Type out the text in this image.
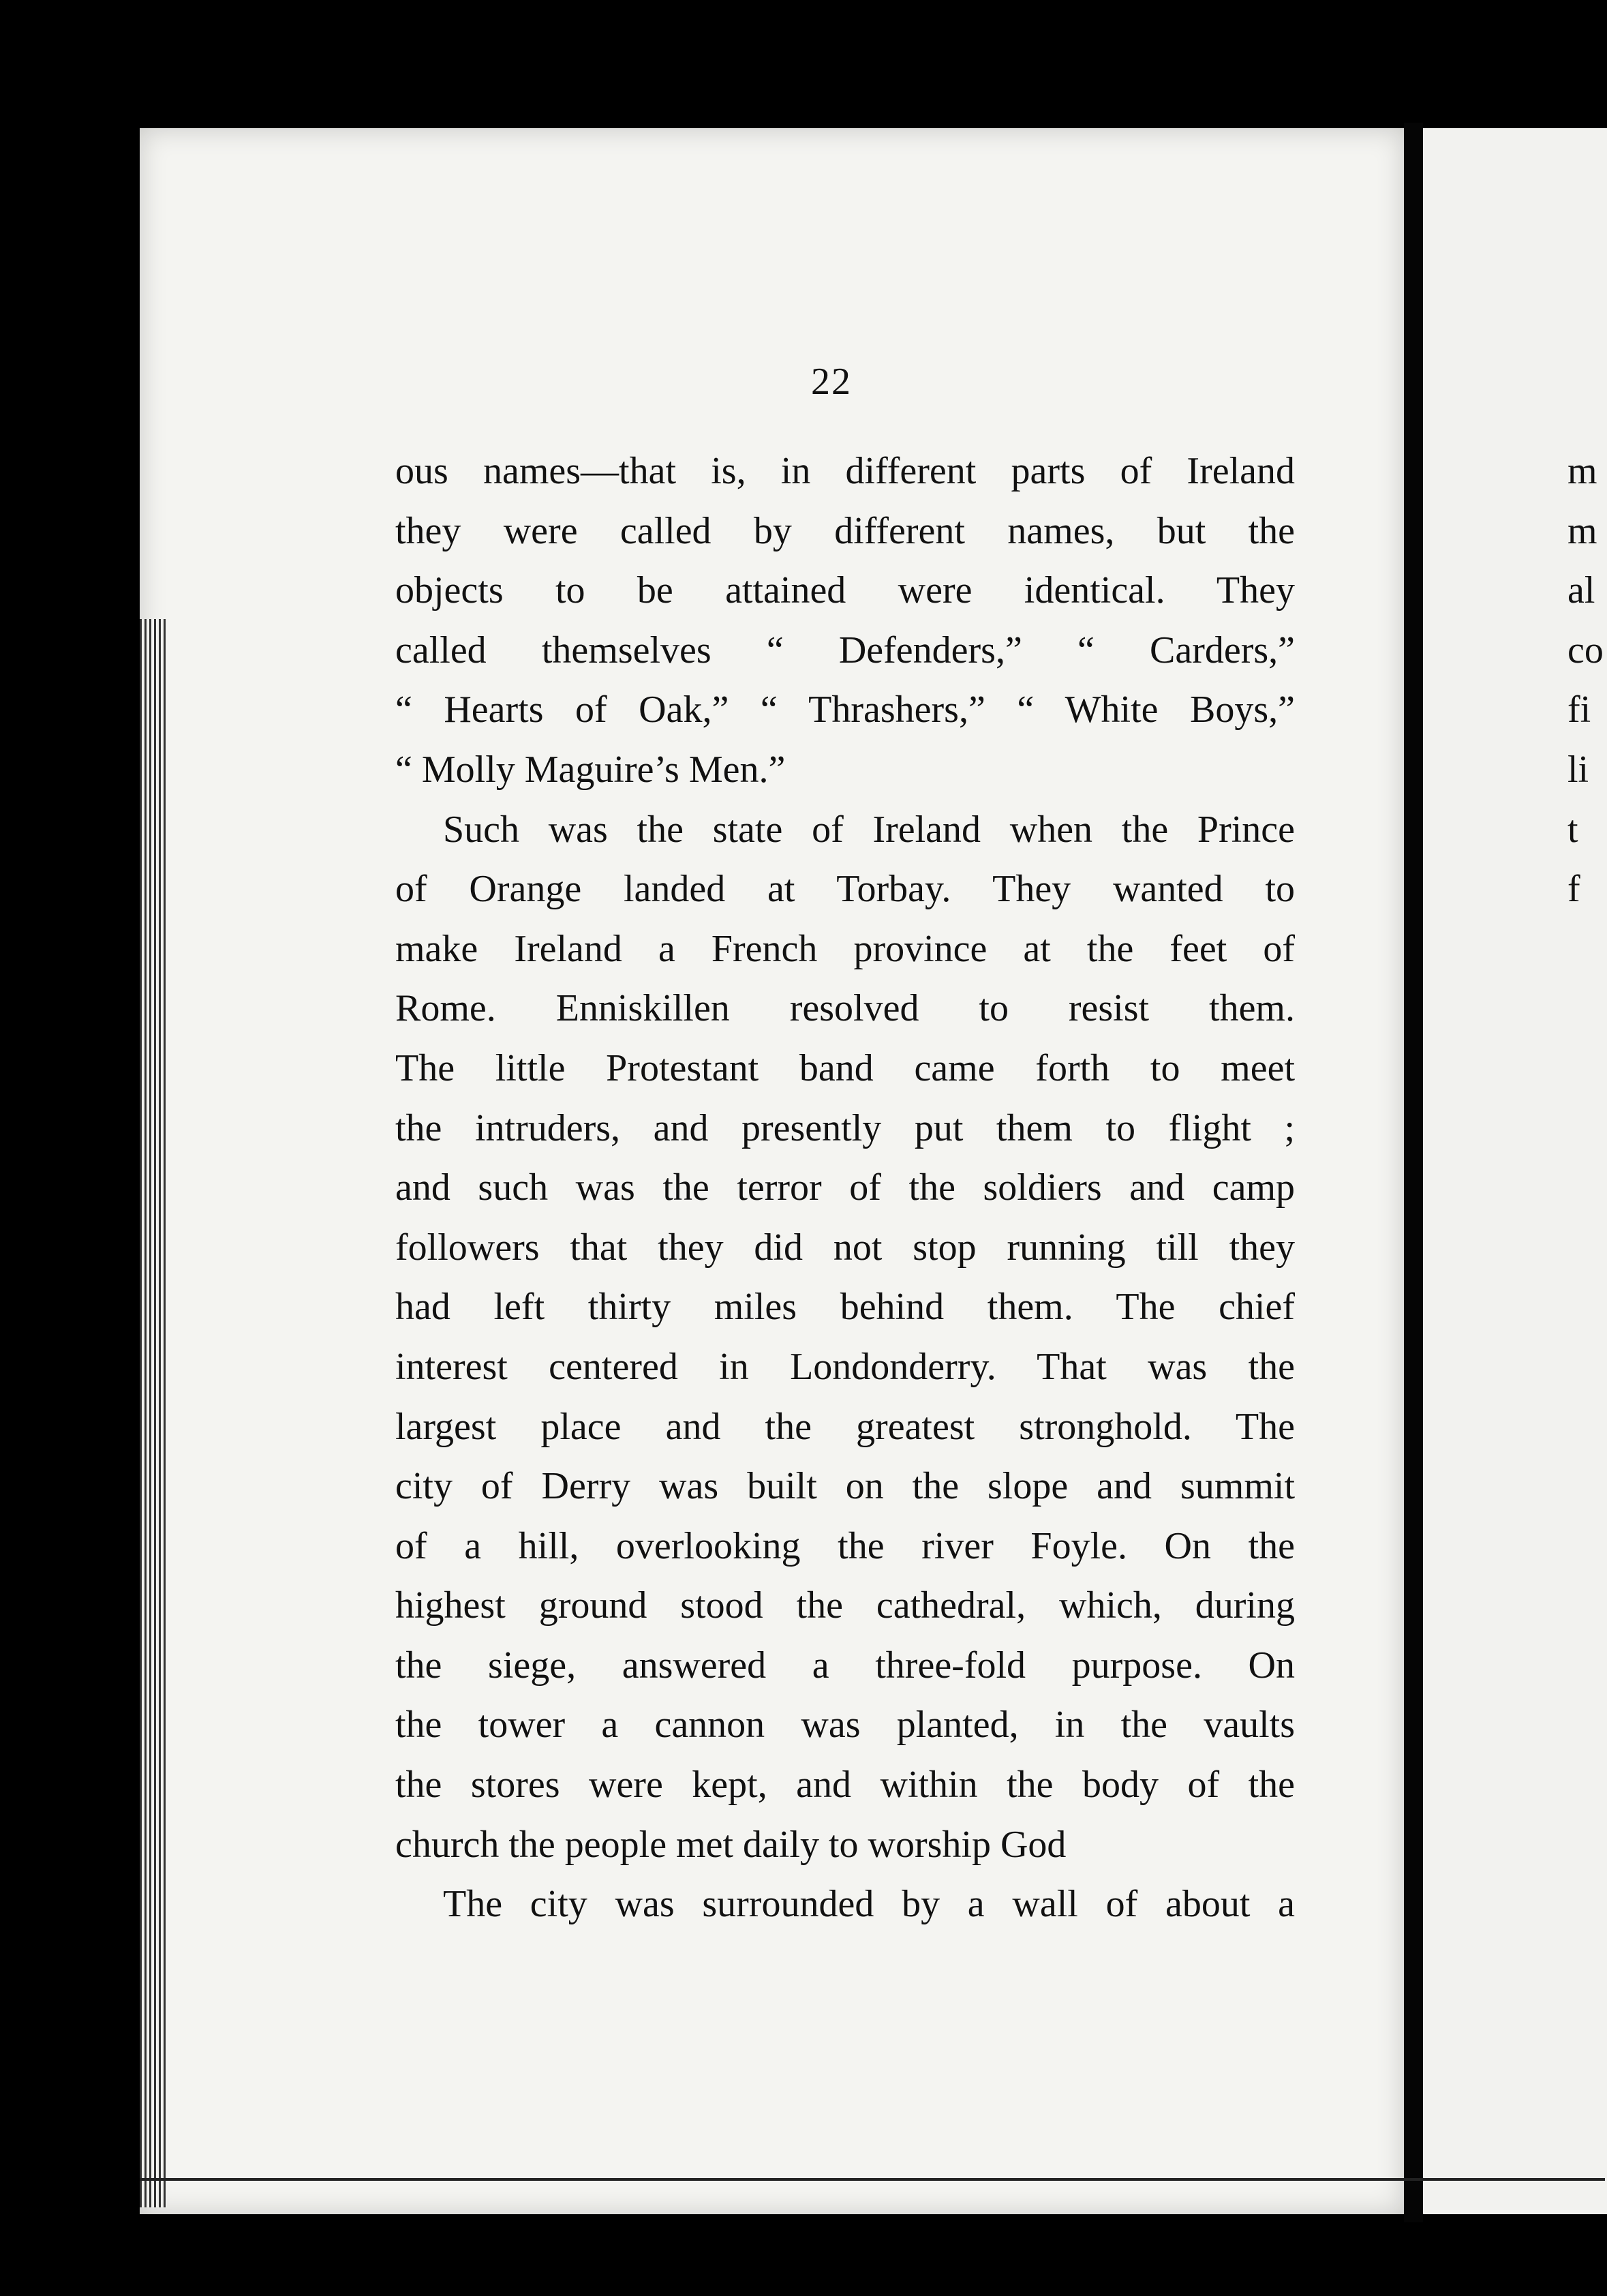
22
ous names—that is, in different parts of Ireland
they were called by different names, but the
objects to be attained were identical. They
called themselves “ Defenders,” “ Carders,”
“ Hearts of Oak,” “ Thrashers,” “ White Boys,”
“ Molly Maguire’s Men.”
Such was the state of Ireland when the Prince
of Orange landed at Torbay. They wanted to
make Ireland a French province at the feet of
Rome. Enniskillen resolved to resist them.
The little Protestant band came forth to meet
the intruders, and presently put them to flight ;
and such was the terror of the soldiers and camp
followers that they did not stop running till they
had left thirty miles behind them. The chief
interest centered in Londonderry. That was the
largest place and the greatest stronghold. The
city of Derry was built on the slope and summit
of a hill, overlooking the river Foyle. On the
highest ground stood the cathedral, which, during
the siege, answered a three-fold purpose. On
the tower a cannon was planted, in the vaults
the stores were kept, and within the body of the
church the people met daily to worship God
The city was surrounded by a wall of about a
m
m
al
co
fi
li
t
f
